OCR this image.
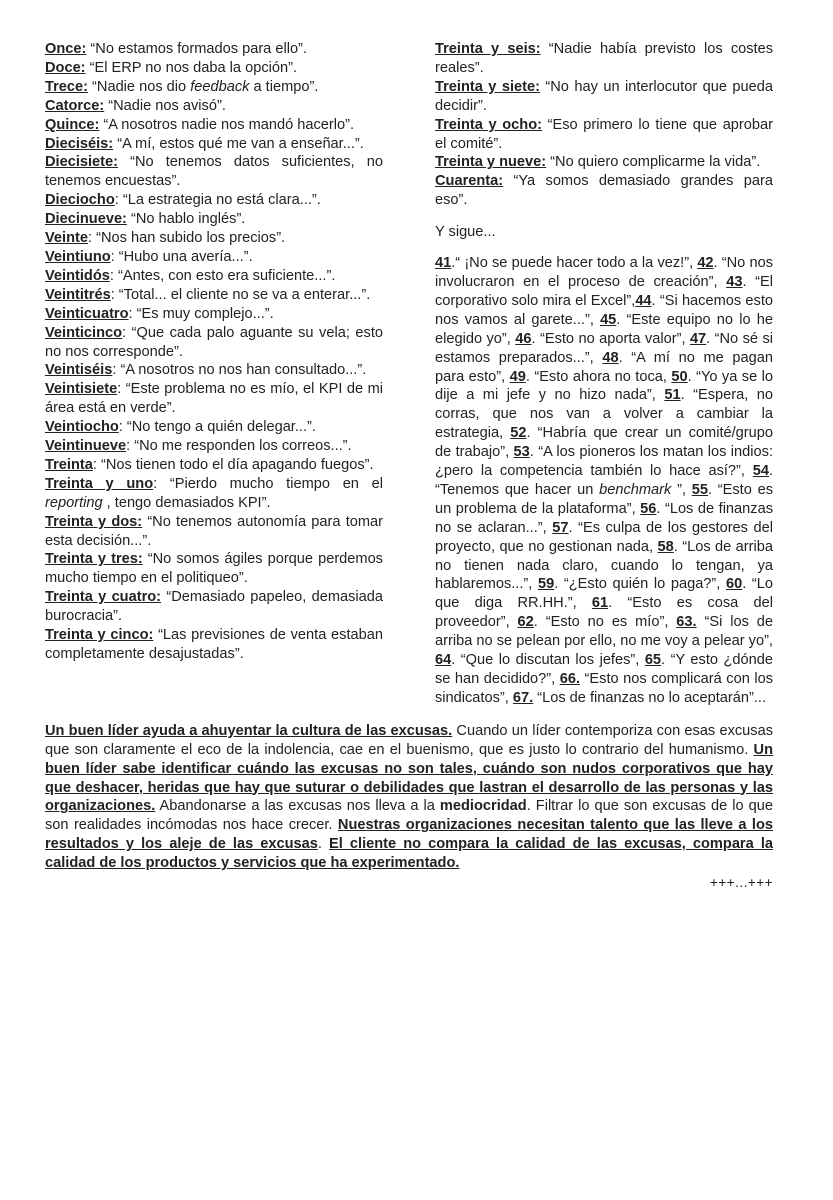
Once: “No estamos formados para ello”.

Doce: “El ERP no nos daba la opción”.

Trece: “Nadie nos dio feedback a tiempo”.

Catorce: “Nadie nos avisó”.

Quince: “A nosotros nadie nos mandó hacerlo”.

Dieciséis: “A mí, estos qué me van a enseñar...”.

Diecisiete: “No tenemos datos suficientes, no tenemos encuestas”.

Dieciocho: “La estrategia no está clara...”.

Diecinueve: “No hablo inglés”.

Veinte: “Nos han subido los precios”.

Veintiuno: “Hubo una avería...”.

Veintidós: “Antes, con esto era suficiente...”.

Veintitrés: “Total... el cliente no se va a enterar...”.

Veinticuatro: “Es muy complejo...”.

Veinticinco: “Que cada palo aguante su vela; esto no nos corresponde”.

Veintiséis: “A nosotros no nos han consultado...”.

Veintisiete: “Este problema no es mío, el KPI de mi área está en verde”.

Veintiocho: “No tengo a quién delegar...”.

Veintinueve: “No me responden los correos...”.

Treinta: “Nos tienen todo el día apagando fuegos”.

Treinta y uno: “Pierdo mucho tiempo en el reporting , tengo demasiados KPI”.

Treinta y dos: “No tenemos autonomía para tomar esta decisión...”.

Treinta y tres: “No somos ágiles porque perdemos mucho tiempo en el politiqueo”.

Treinta y cuatro: “Demasiado papeleo, demasiada burocracia”.

Treinta y cinco: “Las previsiones de venta estaban completamente desajustadas”.

Treinta y seis: “Nadie había previsto los costes reales”.

Treinta y siete: “No hay un interlocutor que pueda decidir”.

Treinta y ocho: “Eso primero lo tiene que aprobar el comité”.

Treinta y nueve: “No quiero complicarme la vida”.

Cuarenta: “Ya somos demasiado grandes para eso”.

Y sigue...

41.“ ¡No se puede hacer todo a la vez!”, 42. “No nos involucraron en el proceso de creación”, 43. “El corporativo solo mira el Excel”,44. “Si hacemos esto nos vamos al garete...”, 45. “Este equipo no lo he elegido yo”, 46. “Esto no aporta valor”, 47. “No sé si estamos preparados...”, 48. “A mí no me pagan para esto”, 49. “Esto ahora no toca, 50. “Yo ya se lo dije a mi jefe y no hizo nada”, 51. “Espera, no corras, que nos van a volver a cambiar la estrategia, 52. “Habría que crear un comité/grupo de trabajo”, 53. “A los pioneros los matan los indios: ¿pero la competencia también lo hace así?”, 54. “Tenemos que hacer un benchmark ”, 55. “Esto es un problema de la plataforma”, 56. “Los de finanzas no se aclaran...”, 57. “Es culpa de los gestores del proyecto, que no gestionan nada, 58. “Los de arriba no tienen nada claro, cuando lo tengan, ya hablaremos...”, 59. “¿Esto quién lo paga?”, 60. “Lo que diga RR.HH.”, 61. “Esto es cosa del proveedor”, 62. “Esto no es mío”, 63. “Si los de arriba no se pelean por ello, no me voy a pelear yo”, 64. “Que lo discutan los jefes”, 65. “Y esto ¿dónde se han decidido?”, 66. “Esto nos complicará con los sindicatos”, 67. “Los de finanzas no lo aceptarán”...

Un buen líder ayuda a ahuyentar la cultura de las excusas. Cuando un líder contemporiza con esas excusas que son claramente el eco de la indolencia, cae en el buenismo, que es justo lo contrario del humanismo. Un buen líder sabe identificar cuándo las excusas no son tales, cuándo son nudos corporativos que hay que deshacer, heridas que hay que suturar o debilidades que lastran el desarrollo de las personas y las organizaciones. Abandonarse a las excusas nos lleva a la mediocridad. Filtrar lo que son excusas de lo que son realidades incómodas nos hace crecer. Nuestras organizaciones necesitan talento que las lleve a los resultados y los aleje de las excusas. El cliente no compara la calidad de las excusas, compara la calidad de los productos y servicios que ha experimentado.
+++...+++
